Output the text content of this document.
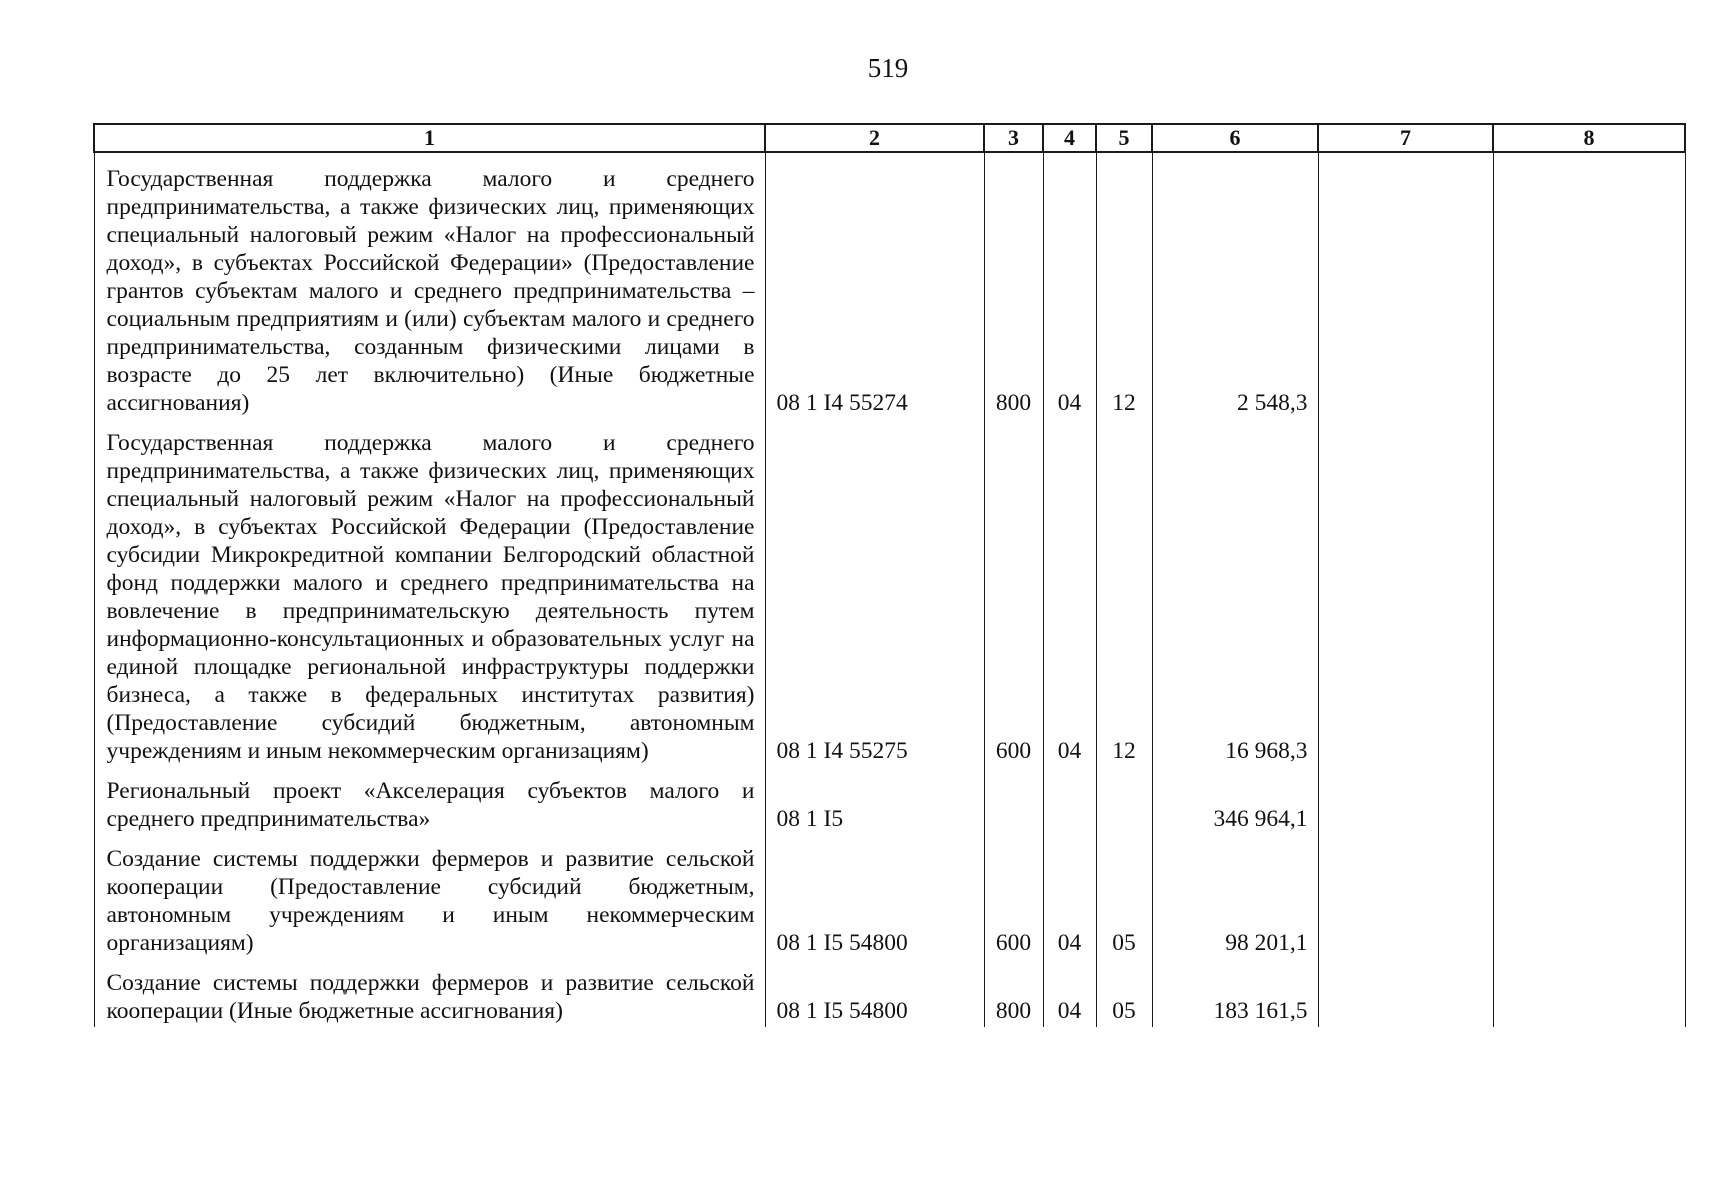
519
1	2	3	4	5	6	7	8
Государственная поддержка малого и среднего предпринимательства, а также физических лиц, применяющих специальный налоговый режим «Налог на профессиональный доход», в субъектах Российской Федерации» (Предоставление грантов субъектам малого и среднего предпринимательства – социальным предприятиям и (или) субъектам малого и среднего предпринимательства, созданным физическими лицами в возрасте до 25 лет включительно) (Иные бюджетные ассигнования)	08 1 I4 55274	800	04	12	2 548,3		
Государственная поддержка малого и среднего предпринимательства, а также физических лиц, применяющих специальный налоговый режим «Налог на профессиональный доход», в субъектах Российской Федерации (Предоставление субсидии Микрокредитной компании Белгородский областной фонд поддержки малого и среднего предпринимательства на вовлечение в предпринимательскую деятельность путем информационно-консультационных и образовательных услуг на единой площадке региональной инфраструктуры поддержки бизнеса, а также в федеральных институтах развития) (Предоставление субсидий бюджетным, автономным учреждениям и иным некоммерческим организациям)	08 1 I4 55275	600	04	12	16 968,3		
Региональный проект «Акселерация субъектов малого и среднего предпринимательства»	08 1 I5				346 964,1		
Создание системы поддержки фермеров и развитие сельской кооперации (Предоставление субсидий бюджетным, автономным учреждениям и иным некоммерческим организациям)	08 1 I5 54800	600	04	05	98 201,1		
Создание системы поддержки фермеров и развитие сельской кооперации (Иные бюджетные ассигнования)	08 1 I5 54800	800	04	05	183 161,5		
